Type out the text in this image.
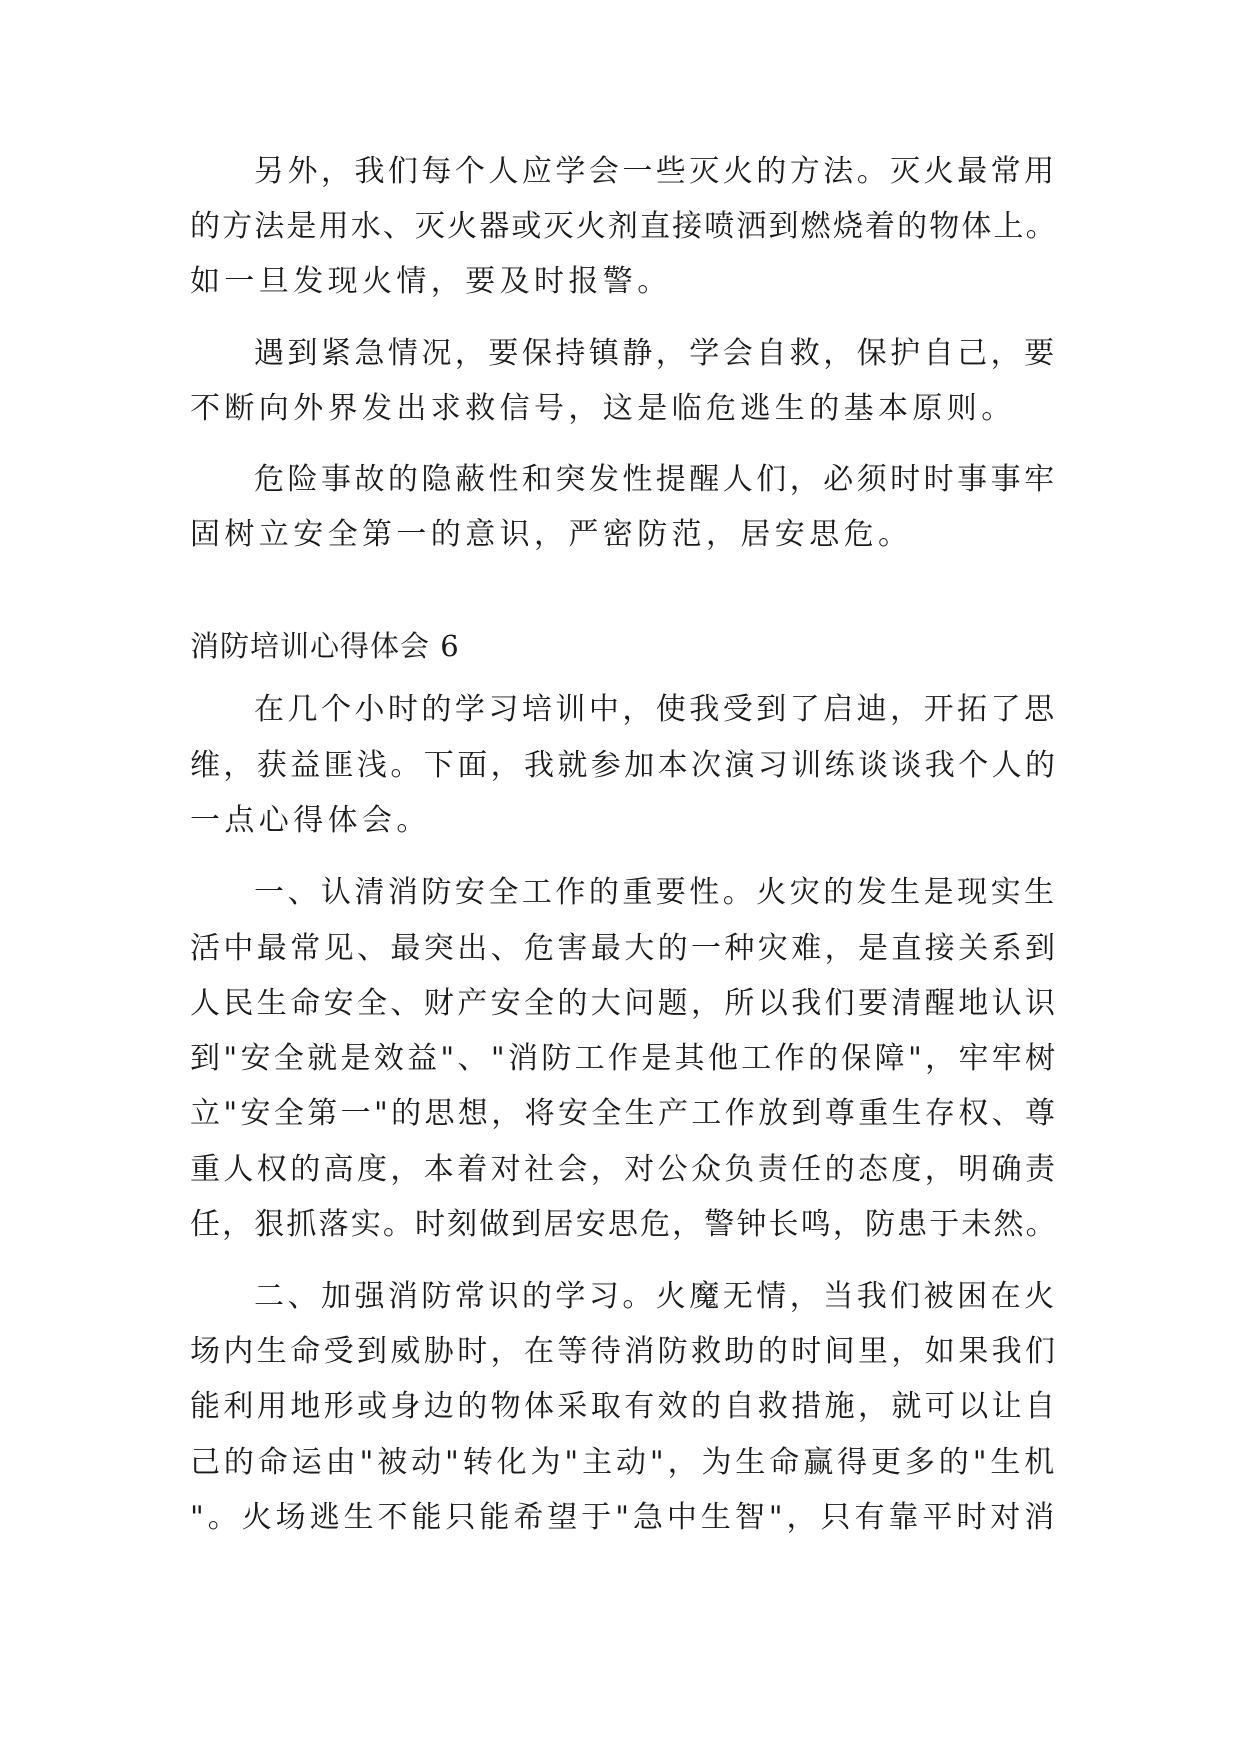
另外，我们每个人应学会一些灭火的方法。灭火最常用
的方法是用水、灭火器或灭火剂直接喷洒到燃烧着的物体上。
如一旦发现火情，要及时报警。
遇到紧急情况，要保持镇静，学会自救，保护自己，要
不断向外界发出求救信号，这是临危逃生的基本原则。
危险事故的隐蔽性和突发性提醒人们，必须时时事事牢
固树立安全第一的意识，严密防范，居安思危。
消防培训心得体会 6
在几个小时的学习培训中，使我受到了启迪，开拓了思
维，获益匪浅。下面，我就参加本次演习训练谈谈我个人的
一点心得体会。
一、认清消防安全工作的重要性。火灾的发生是现实生
活中最常见、最突出、危害最大的一种灾难，是直接关系到
人民生命安全、财产安全的大问题，所以我们要清醒地认识
到"安全就是效益"、"消防工作是其他工作的保障"，牢牢树
立"安全第一"的思想，将安全生产工作放到尊重生存权、尊
重人权的高度，本着对社会，对公众负责任的态度，明确责
任，狠抓落实。时刻做到居安思危，警钟长鸣，防患于未然。
二、加强消防常识的学习。火魔无情，当我们被困在火
场内生命受到威胁时，在等待消防救助的时间里，如果我们
能利用地形或身边的物体采取有效的自救措施，就可以让自
己的命运由"被动"转化为"主动"，为生命赢得更多的"生机
"。火场逃生不能只能希望于"急中生智"，只有靠平时对消
